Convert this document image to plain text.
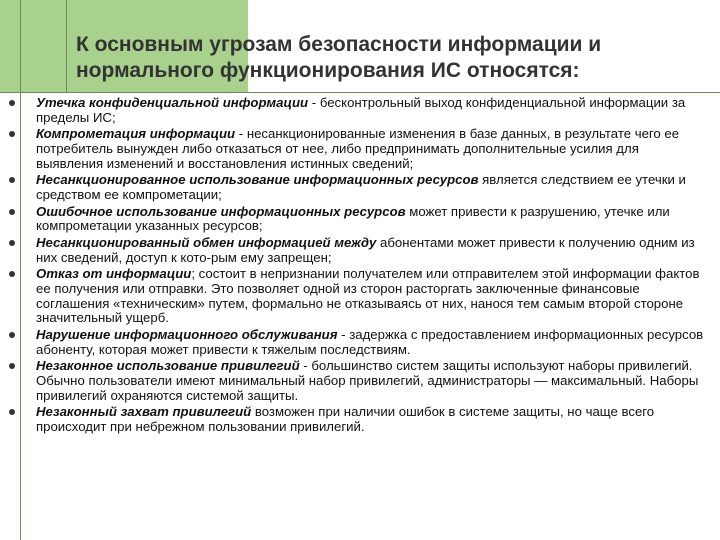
К основным угрозам безопасности информации и
нормального функционирования ИС относятся:
Утечка конфиденциальной информации - бесконтрольный выход конфиденциальной информации за пределы ИС;
Компрометация информации - несанкционированные изменения в базе данных, в результате чего ее потребитель вынужден либо отказаться от нее, либо предпринимать дополнительные усилия для выявления изменений и восстановления истинных сведений;
Несанкционированное использование информационных ресурсов является следствием ее утечки и средством ее компрометации;
Ошибочное использование информационных ресурсов может привести к разрушению, утечке или компрометации указанных ресурсов;
Несанкционированный обмен информацией между абонентами может привести к получению одним из них сведений, доступ к кото-рым ему запрещен;
Отказ от информации; состоит в непризнании получателем или отправителем этой информации фактов ее получения или отправки. Это позволяет одной из сторон расторгать заключенные финансовые соглашения «техническим» путем, формально не отказываясь от них, нанося тем самым второй стороне значительный ущерб.
Нарушение информационного обслуживания - задержка с предоставлением информационных ресурсов абоненту, которая может привести к тяжелым последствиям.
Незаконное использование привилегий - большинство систем защиты используют наборы привилегий. Обычно пользователи имеют минимальный набор привилегий, администраторы — максимальный. Наборы привилегий охраняются системой защиты.
Незаконный захват привилегий возможен при наличии ошибок в системе защиты, но чаще всего происходит при небрежном пользовании привилегий.
